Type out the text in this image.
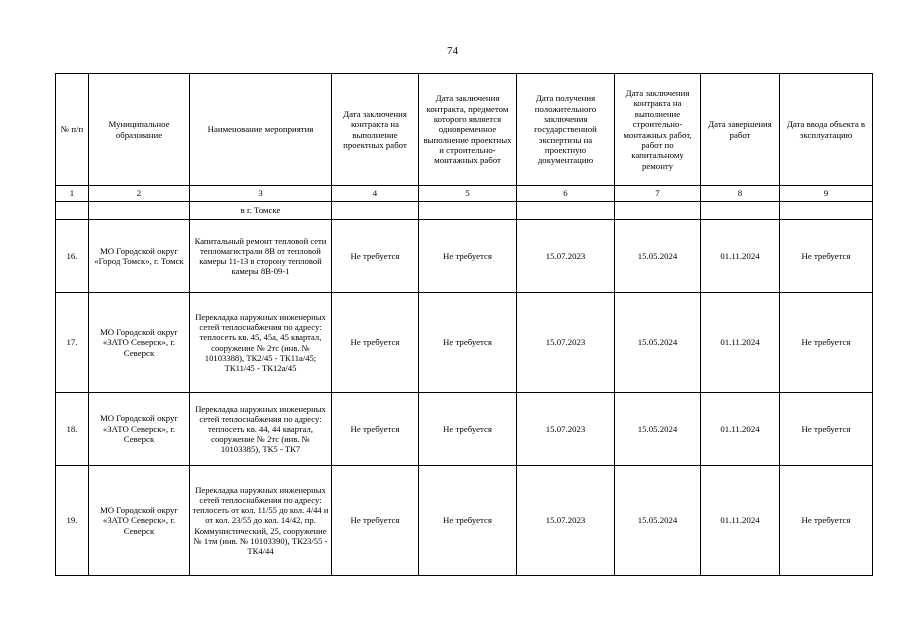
74
№ п/п	Муниципальное образование	Наименование мероприятия	Дата заключения контракта на выполнение проектных работ	Дата заключения контракта, предметом которого является одновременное выполнение проектных и строительно-монтажных работ	Дата получения положительного заключения государственной экспертизы на проектную документацию	Дата заключения контракта на выполнение строительно-монтажных работ, работ по капитальному ремонту	Дата завершения работ	Дата ввода объекта в эксплуатацию
1	2	3	4	5	6	7	8	9
		в г. Томске						
16.	МО Городской округ «Город Томск», г. Томск	Капитальный ремонт тепловой сети тепломагистрали 8В от тепловой камеры 11-13 в сторону тепловой камеры 8В-09-1	Не требуется	Не требуется	15.07.2023	15.05.2024	01.11.2024	Не требуется
17.	МО Городской округ «ЗАТО Северск», г. Северск	Перекладка наружных инженерных сетей теплоснабжения по адресу: теплосеть кв. 45, 45а, 45 квартал, сооружение № 2тс (инв. № 10103388), ТК2/45 - ТК11а/45; ТК11/45 - ТК12а/45	Не требуется	Не требуется	15.07.2023	15.05.2024	01.11.2024	Не требуется
18.	МО Городской округ «ЗАТО Северск», г. Северск	Перекладка наружных инженерных сетей теплоснабжения по адресу: теплосеть кв. 44, 44 квартал, сооружение № 2тс (инв. № 10103385), ТК5 - ТК7	Не требуется	Не требуется	15.07.2023	15.05.2024	01.11.2024	Не требуется
19.	МО Городской округ «ЗАТО Северск», г. Северск	Перекладка наружных инженерных сетей теплоснабжения по адресу: теплосеть от кол. 11/55 до кол. 4/44 и от кол. 23/55 до кол. 14/42, пр. Коммунистический, 25, сооружение № 1тм (инв. № 10103390), ТК23/55 - ТК4/44	Не требуется	Не требуется	15.07.2023	15.05.2024	01.11.2024	Не требуется
